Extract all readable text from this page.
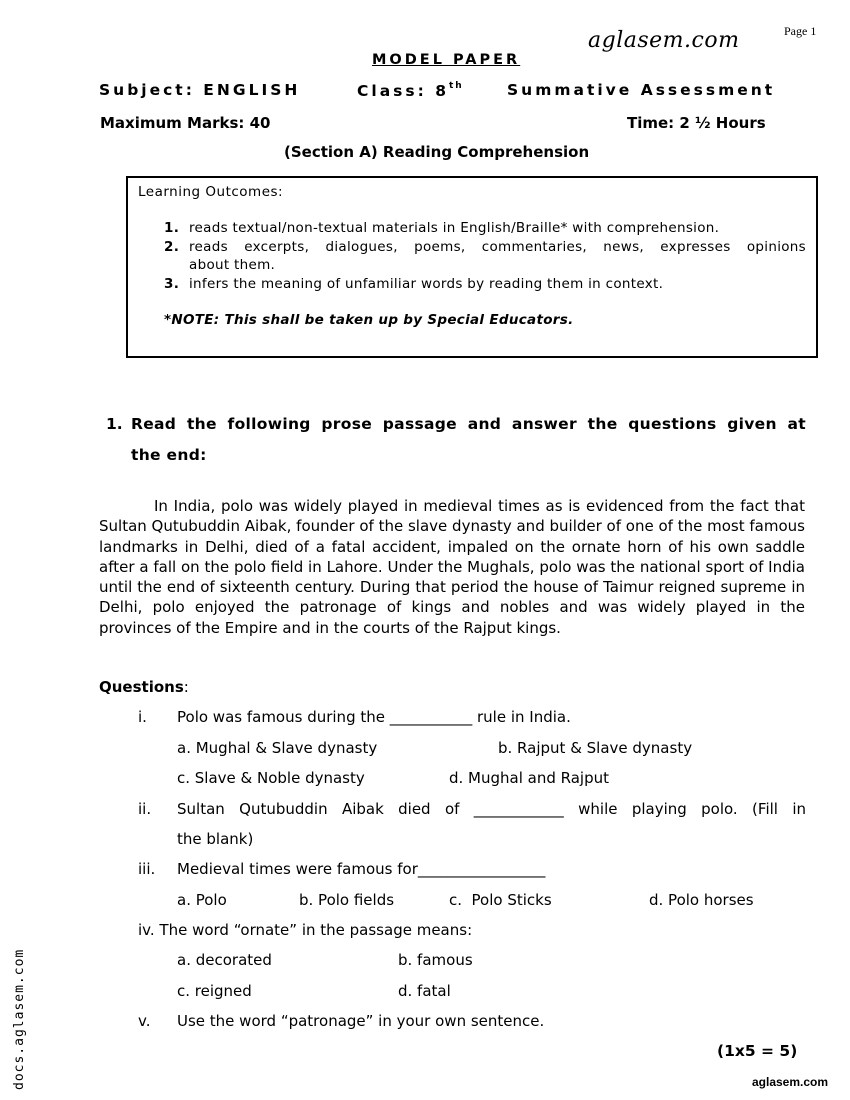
Page 1
aglasem.com
MODEL PAPER
Subject: ENGLISH	Class: 8th	Summative Assessment
Maximum Marks: 40	Time: 2 ½ Hours
(Section A) Reading Comprehension
Learning Outcomes:
1. reads textual/non-textual materials in English/Braille* with comprehension.
2. reads excerpts, dialogues, poems, commentaries, news, expresses opinions
about them.
3. infers the meaning of unfamiliar words by reading them in context.
*NOTE: This shall be taken up by Special Educators.
1. Read the following prose passage and answer the questions given at
the end:
In India, polo was widely played in medieval times as is evidenced from the fact that Sultan Qutubuddin Aibak, founder of the slave dynasty and builder of one of the most famous landmarks in Delhi, died of a fatal accident, impaled on the ornate horn of his own saddle after a fall on the polo field in Lahore. Under the Mughals, polo was the national sport of India until the end of sixteenth century. During that period the house of Taimur reigned supreme in Delhi, polo enjoyed the patronage of kings and nobles and was widely played in the provinces of the Empire and in the courts of the Rajput kings.
Questions:
i. Polo was famous during the ___________ rule in India.
a. Mughal & Slave dynasty	b. Rajput & Slave dynasty
c. Slave & Noble dynasty	d. Mughal and Rajput
ii. Sultan Qutubuddin Aibak died of ____________ while playing polo. (Fill in
the blank)
iii. Medieval times were famous for_________________
a. Polo	b. Polo fields	c.  Polo Sticks	d. Polo horses
iv. The word “ornate” in the passage means:
a. decorated	b. famous
c. reigned	d. fatal
v. Use the word “patronage” in your own sentence.
(1x5 = 5)
aglasem.com
docs.aglasem.com
